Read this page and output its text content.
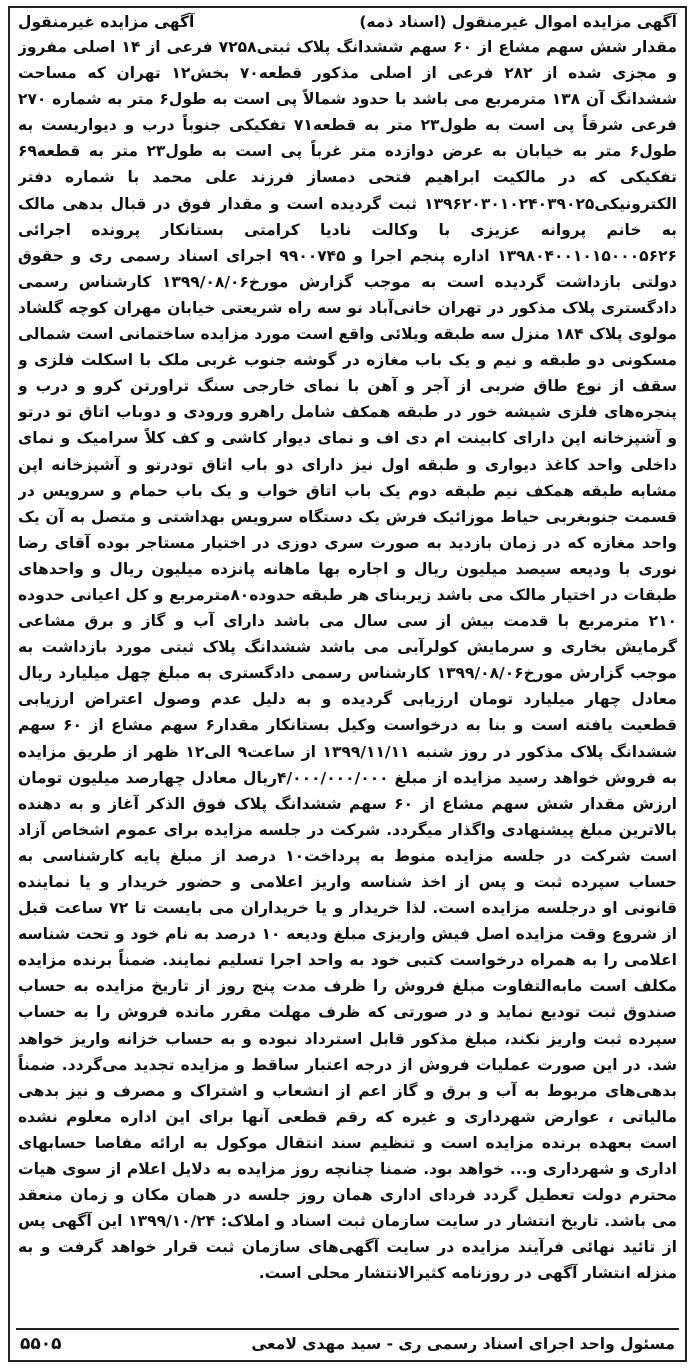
آگهی مزایده اموال غیرمنقول (اسناد ذمه)
آگهی مزایده غیرمنقول

مقدار شش سهم مشاع از ۶۰ سهم ششدانگ پلاک ثبتی۷۲۵۸ فرعی از ۱۴ اصلی مفروز و مجزی شده از ۲۸۲ فرعی از اصلی مذکور قطعه۷۰ بخش۱۲ تهران که مساحت ششدانگ آن ۱۳۸ مترمربع می باشد با حدود شمالاً پی است به طول۶ متر به شماره ۲۷۰ فرعی شرقاً پی است به طول۲۳ متر به قطعه۷۱ تفکیکی جنوباً درب و دیواریست به طول۶ متر به خیابان به عرض دوازده متر غرباً پی است به طول۲۳ متر به قطعه۶۹ تفکیکی که در مالکیت ابراهیم فتحی دمساز فرزند علی محمد با شماره دفتر الکترونیکی۱۳۹۶۲۰۳۰۱۰۲۴۰۳۹۰۲۵ ثبت گردیده است و مقدار فوق در قبال بدهی مالک به خانم پروانه عزیزی با وکالت نادیا کرامتی بستانکار پرونده اجرائی ۱۳۹۸۰۴۰۰۱۰۱۵۰۰۰۵۶۲۶ اداره پنجم اجرا و ۹۹۰۰۷۴۵ اجرای اسناد رسمی ری و حقوق دولتی بازداشت گردیده است به موجب گزارش مورخ۱۳۹۹/۰۸/۰۶ کارشناس رسمی دادگستری پلاک مذکور در تهران خانی‌آباد نو سه راه شریعتی خیابان مهران کوچه گلشاد مولوی پلاک ۱۸۴ منزل سه طبقه ویلائی واقع است مورد مزایده ساختمانی است شمالی مسکونی دو طبقه و نیم و یک باب مغازه در گوشه جنوب غربی ملک با اسکلت فلزی و سقف از نوع طاق ضربی از آجر و آهن با نمای خارجی سنگ تراورتن کرو و درب و پنجره‌های فلزی شیشه خور در طبقه همکف شامل راهرو ورودی و دوباب اتاق تو درتو و آشپزخانه اپن دارای کابینت ام دی اف و نمای دیوار کاشی و کف کلاً سرامیک و نمای داخلی واحد کاغذ دیواری و طبقه اول نیز دارای دو باب اتاق تودرتو و آشپزخانه اپن مشابه طبقه همکف نیم طبقه دوم یک باب اتاق خواب و یک باب حمام و سرویس در قسمت جنوبغربی حیاط موزائیک فرش یک دستگاه سرویس بهداشتی و متصل به آن یک واحد مغازه که در زمان بازدید به صورت سری دوزی در اختیار مستاجر بوده آقای رضا نوری با ودیعه سیصد میلیون ریال و اجاره بها ماهانه پانزده میلیون ریال و واحدهای طبقات در اختیار مالک می باشد زیربنای هر طبقه حدوده۸۰مترمربع و کل اعیانی حدوده ۲۱۰ مترمربع با قدمت بیش از سی سال می باشد دارای آب و گاز و برق مشاعی گرمایش بخاری و سرمایش کولرآبی می باشد ششدانگ پلاک ثبتی مورد بازداشت به موجب گزارش مورخ۱۳۹۹/۰۸/۰۶ کارشناس رسمی دادگستری به مبلغ چهل میلیارد ریال معادل چهار میلیارد تومان ارزیابی گردیده و به دلیل عدم وصول اعتراض ارزیابی قطعیت یافته است و بنا به درخواست وکیل بستانکار مقدار۶ سهم مشاع از ۶۰ سهم ششدانگ پلاک مذکور در روز شنبه ۱۳۹۹/۱۱/۱۱ از ساعت۹ الی۱۲ ظهر از طریق مزایده به فروش خواهد رسید مزایده از مبلغ ۴/۰۰۰/۰۰۰/۰۰۰ریال معادل چهارصد میلیون تومان ارزش مقدار شش سهم مشاع از ۶۰ سهم ششدانگ پلاک فوق الذکر آغاز و به دهنده بالاترین مبلغ پیشنهادی واگذار میگردد. شرکت در جلسه مزایده برای عموم اشخاص آزاد است شرکت در جلسه مزایده منوط به پرداخت۱۰ درصد از مبلغ پایه کارشناسی به حساب سپرده ثبت و پس از اخذ شناسه واریز اعلامی و حضور خریدار و یا نماینده قانونی او درجلسه مزایده است. لذا خریدار و یا خریداران می بایست تا ۷۲ ساعت قبل از شروع وقت مزایده اصل فیش واریزی مبلغ ودیعه ۱۰ درصد به نام خود و تحت شناسه اعلامی را به همراه درخواست کتبی خود به واحد اجرا تسلیم نمایند. ضمناً برنده مزایده مکلف است مابه‌التفاوت مبلغ فروش را ظرف مدت پنج روز از تاریخ مزایده به حساب صندوق ثبت تودیع نماید و در صورتی که ظرف مهلت مقرر مانده فروش را به حساب سپرده ثبت واریز نکند، مبلغ مذکور قابل استرداد نبوده و به حساب خزانه واریز خواهد شد. در این صورت عملیات فروش از درجه اعتبار ساقط و مزایده تجدید می‌گردد. ضمناً بدهی‌های مربوط به آب و برق و گاز اعم از انشعاب و اشتراک و مصرف و نیز بدهی مالیاتی ، عوارض شهرداری و غیره که رقم قطعی آنها برای این اداره معلوم نشده است بعهده برنده مزایده است و تنظیم سند انتقال موکول به ارائه مفاصا حسابهای اداری و شهرداری و... خواهد بود. ضمنا چنانچه روز مزایده به دلایل اعلام از سوی هیات محترم دولت تعطیل گردد فردای اداری همان روز جلسه در همان مکان و زمان منعقد می باشد. تاریخ انتشار در سایت سازمان ثبت اسناد و املاک: ۱۳۹۹/۱۰/۲۴ این آگهی پس از تائید نهائی فرآیند مزایده در سایت آگهی‌های سازمان ثبت قرار خواهد گرفت و به منزله انتشار آگهی در روزنامه کثیرالانتشار محلی است.

مسئول واحد اجرای اسناد رسمی ری - سید مهدی لامعی
۵۵۰۵
